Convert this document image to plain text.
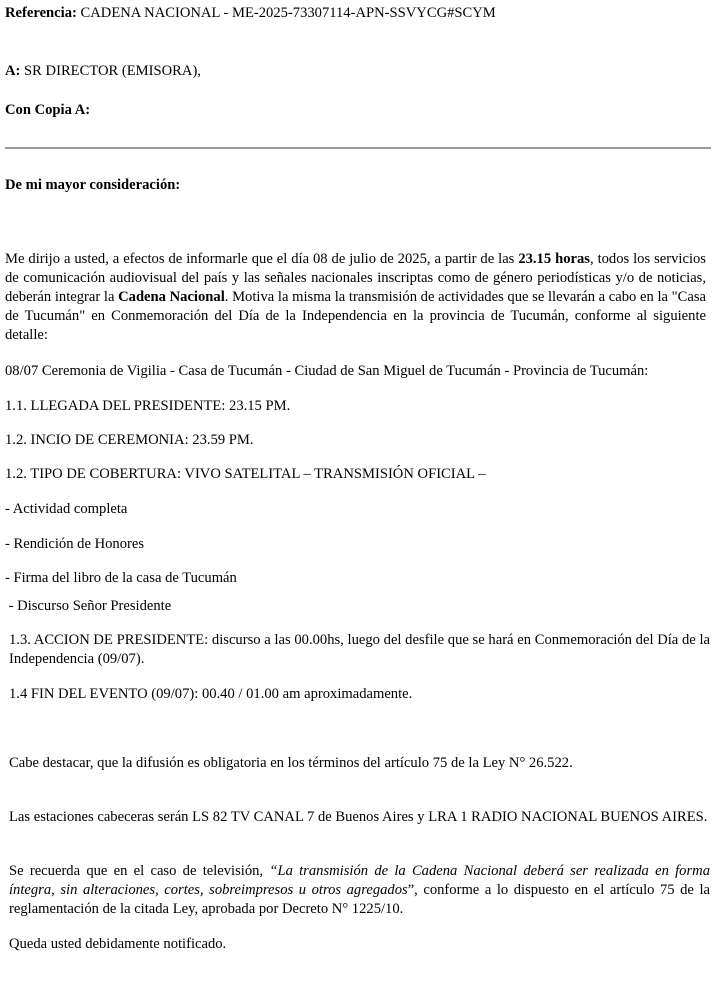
Referencia: CADENA NACIONAL - ME-2025-73307114-APN-SSVYCG#SCYM
A: SR DIRECTOR (EMISORA),
Con Copia A:
De mi mayor consideración:
Me dirijo a usted, a efectos de informarle que el día 08 de julio de 2025, a partir de las 23.15 horas, todos los servicios de comunicación audiovisual del país y las señales nacionales inscriptas como de género periodísticas y/o de noticias, deberán integrar la Cadena Nacional. Motiva la misma la transmisión de actividades que se llevarán a cabo en la "Casa de Tucumán" en Conmemoración del Día de la Independencia en la provincia de Tucumán, conforme al siguiente detalle:
08/07 Ceremonia de Vigilia - Casa de Tucumán - Ciudad de San Miguel de Tucumán - Provincia de Tucumán:
1.1. LLEGADA DEL PRESIDENTE: 23.15 PM.
1.2. INCIO DE CEREMONIA: 23.59 PM.
1.2. TIPO DE COBERTURA: VIVO SATELITAL – TRANSMISIÓN OFICIAL –
- Actividad completa
- Rendición de Honores
- Firma del libro de la casa de Tucumán
- Discurso Señor Presidente
1.3. ACCION DE PRESIDENTE: discurso a las 00.00hs, luego del desfile que se hará en Conmemoración del Día de la Independencia (09/07).
1.4 FIN DEL EVENTO (09/07): 00.40 / 01.00 am aproximadamente.
Cabe destacar, que la difusión es obligatoria en los términos del artículo 75 de la Ley N° 26.522.
Las estaciones cabeceras serán LS 82 TV CANAL 7 de Buenos Aires y LRA 1 RADIO NACIONAL BUENOS AIRES.
Se recuerda que en el caso de televisión, “La transmisión de la Cadena Nacional deberá ser realizada en forma íntegra, sin alteraciones, cortes, sobreimpresos u otros agregados”, conforme a lo dispuesto en el artículo 75 de la reglamentación de la citada Ley, aprobada por Decreto N° 1225/10.
Queda usted debidamente notificado.
